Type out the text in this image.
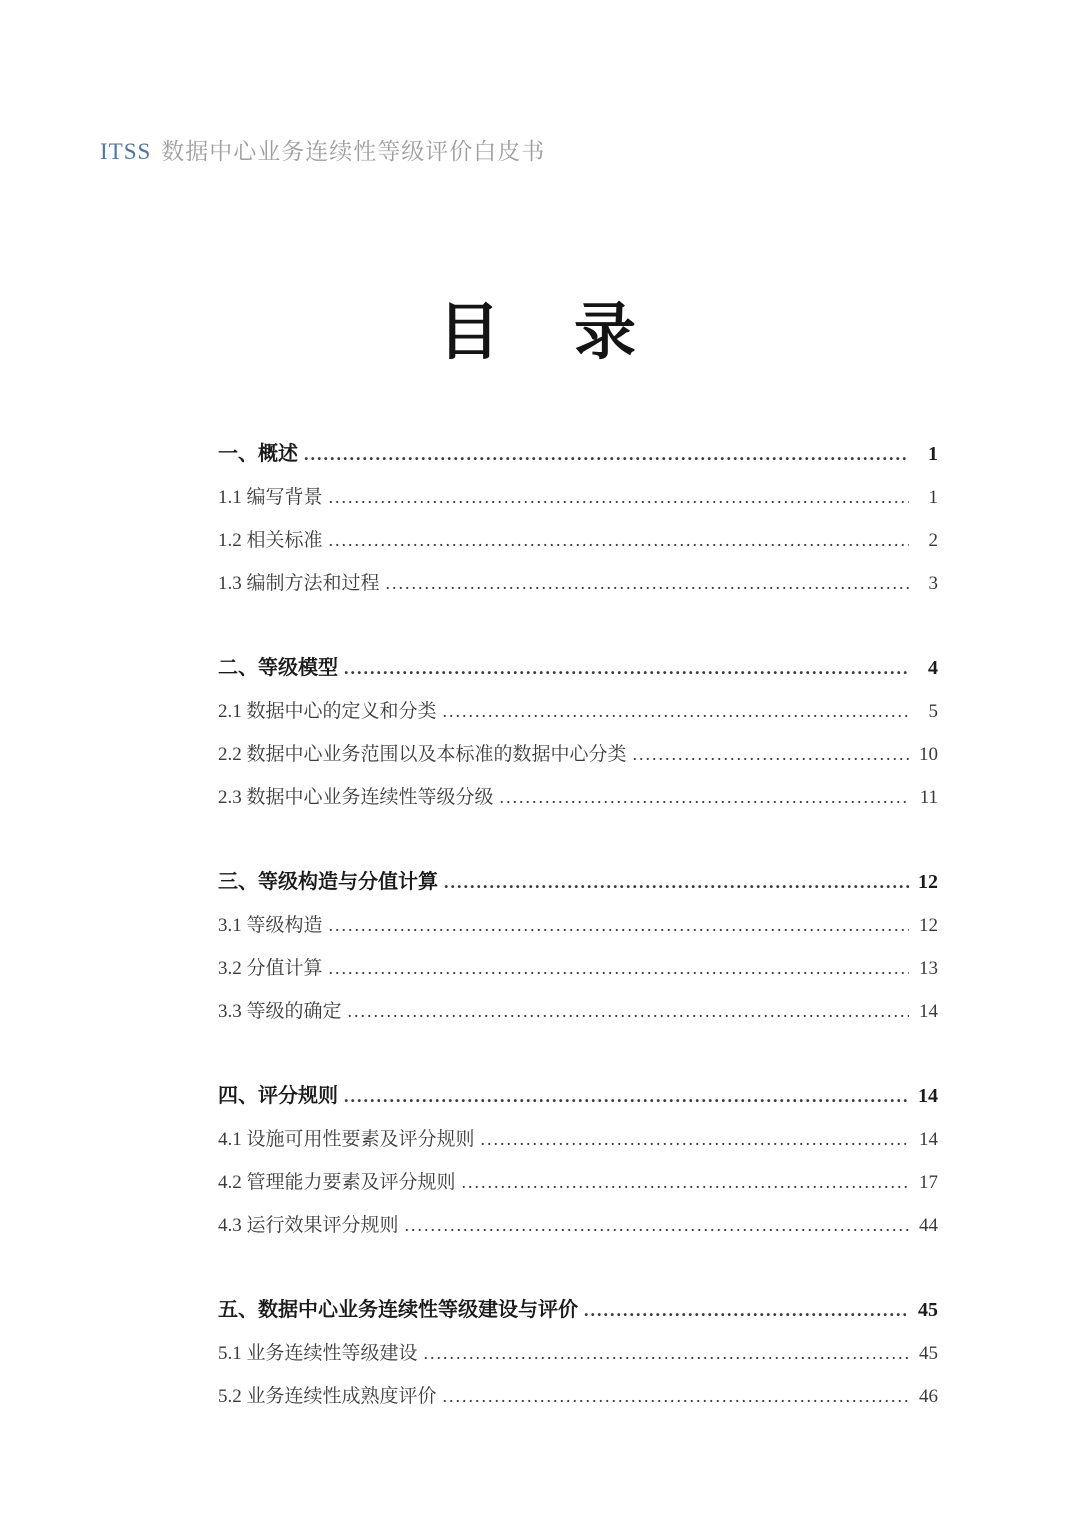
ITSS 数据中心业务连续性等级评价白皮书
目　录
一、概述 .....	1
1.1 编写背景 .....	1
1.2 相关标准 .....	2
1.3 编制方法和过程 .....	3
二、等级模型 .....	4
2.1 数据中心的定义和分类 .....	5
2.2 数据中心业务范围以及本标准的数据中心分类 .....	10
2.3 数据中心业务连续性等级分级 .....	11
三、等级构造与分值计算 .....	12
3.1 等级构造 .....	12
3.2 分值计算 .....	13
3.3 等级的确定 .....	14
四、评分规则 .....	14
4.1 设施可用性要素及评分规则 .....	14
4.2 管理能力要素及评分规则 .....	17
4.3 运行效果评分规则 .....	44
五、数据中心业务连续性等级建设与评价 .....	45
5.1 业务连续性等级建设 .....	45
5.2 业务连续性成熟度评价 .....	46
